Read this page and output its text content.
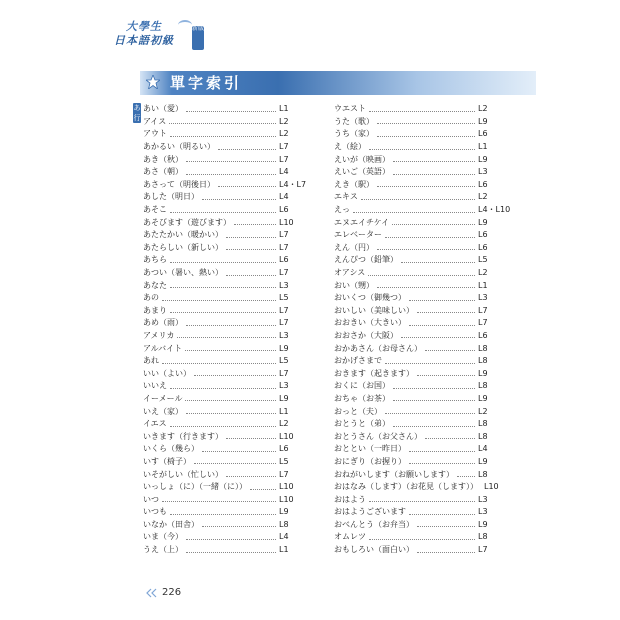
大學生
日本語初級
新版
單字索引
あ行
あい（愛）	L1
アイス	L2
アウト	L2
あかるい（明るい）	L7
あき（秋）	L7
あさ（朝）	L4
あさって（明後日）	L4・L7
あした（明日）	L4
あそこ	L6
あそびます（遊びます）	L10
あたたかい（暖かい）	L7
あたらしい（新しい）	L7
あちら	L6
あつい（暑い、熱い）	L7
あなた	L3
あの	L5
あまり	L7
あめ（雨）	L7
アメリカ	L3
アルバイト	L9
あれ	L5
いい（よい）	L7
いいえ	L3
イーメール	L9
いえ（家）	L1
イエス	L2
いきます（行きます）	L10
いくら（幾ら）	L6
いす（椅子）	L5
いそがしい（忙しい）	L7
いっしょ（に）（一緒（に））	L10
いつ	L10
いつも	L9
いなか（田舎）	L8
いま（今）	L4
うえ（上）	L1
ウエスト	L2
うた（歌）	L9
うち（家）	L6
え（絵）	L1
えいが（映画）	L9
えいご（英語）	L3
えき（駅）	L6
エキス	L2
えっ	L4・L10
エヌエイチケイ	L9
エレベーター	L6
えん（円）	L6
えんぴつ（鉛筆）	L5
オアシス	L2
おい（甥）	L1
おいくつ（御幾つ）	L3
おいしい（美味しい）	L7
おおきい（大きい）	L7
おおさか（大阪）	L6
おかあさん（お母さん）	L8
おかげさまで	L8
おきます（起きます）	L9
おくに（お国）	L8
おちゃ（お茶）	L9
おっと（夫）	L2
おとうと（弟）	L8
おとうさん（お父さん）	L8
おととい（一昨日）	L4
おにぎり（お握り）	L9
おねがいします（お願いします）	L8
おはなみ（します）（お花見（します）） L10
おはよう	L3
おはようございます	L3
おべんとう（お弁当）	L9
オムレツ	L8
おもしろい（面白い）	L7
226
